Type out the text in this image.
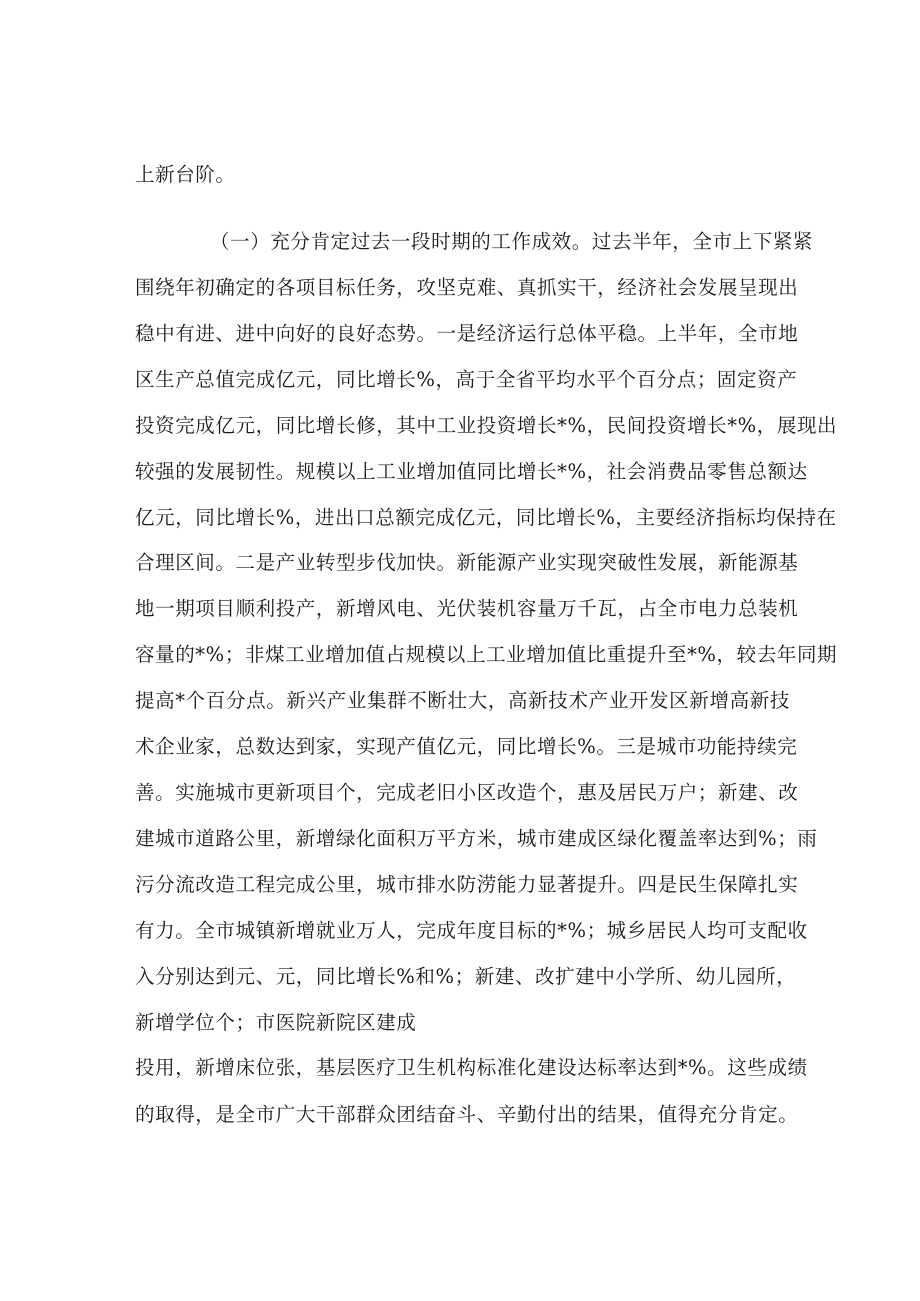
上新台阶。
（一）充分肯定过去一段时期的工作成效。过去半年，全市上下紧紧
围绕年初确定的各项目标任务，攻坚克难、真抓实干，经济社会发展呈现出
稳中有进、进中向好的良好态势。一是经济运行总体平稳。上半年，全市地
区生产总值完成亿元，同比增长%，高于全省平均水平个百分点；固定资产
投资完成亿元，同比增长修，其中工业投资增长*%，民间投资增长*%，展现出
较强的发展韧性。规模以上工业增加值同比增长*%，社会消费品零售总额达
亿元，同比增长%，进出口总额完成亿元，同比增长%，主要经济指标均保持在
合理区间。二是产业转型步伐加快。新能源产业实现突破性发展，新能源基
地一期项目顺利投产，新增风电、光伏装机容量万千瓦，占全市电力总装机
容量的*%；非煤工业增加值占规模以上工业增加值比重提升至*%，较去年同期
提高*个百分点。新兴产业集群不断壮大，高新技术产业开发区新增高新技
术企业家，总数达到家，实现产值亿元，同比增长%。三是城市功能持续完
善。实施城市更新项目个，完成老旧小区改造个，惠及居民万户；新建、改
建城市道路公里，新增绿化面积万平方米，城市建成区绿化覆盖率达到%；雨
污分流改造工程完成公里，城市排水防涝能力显著提升。四是民生保障扎实
有力。全市城镇新增就业万人，完成年度目标的*%；城乡居民人均可支配收
入分别达到元、元，同比增长%和%；新建、改扩建中小学所、幼儿园所，
新增学位个；市医院新院区建成
投用，新增床位张，基层医疗卫生机构标准化建设达标率达到*%。这些成绩
的取得，是全市广大干部群众团结奋斗、辛勤付出的结果，值得充分肯定。
